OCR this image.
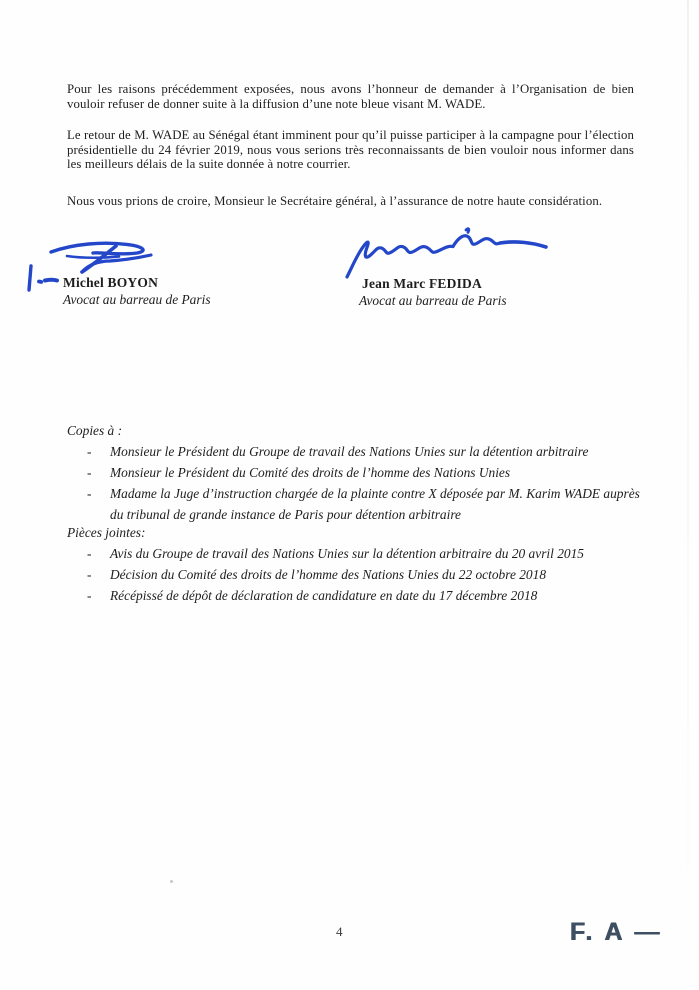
Pour les raisons précédemment exposées, nous avons l’honneur de demander à l’Organisation de bien vouloir refuser de donner suite à la diffusion d’une note bleue visant M. WADE.

Le retour de M. WADE au Sénégal étant imminent pour qu’il puisse participer à la campagne pour l’élection présidentielle du 24 février 2019, nous vous serions très reconnaissants de bien vouloir nous informer dans les meilleurs délais de la suite donnée à notre courrier.

Nous vous prions de croire, Monsieur le Secrétaire général, à l’assurance de notre haute considération.

Michel BOYON

Avocat au barreau de Paris

Jean Marc FEDIDA

Avocat au barreau de Paris

Copies à :

-	Monsieur le Président du Groupe de travail des Nations Unies sur la détention arbitraire
-	Monsieur le Président du Comité des droits de l’homme des Nations Unies
-	Madame la Juge d’instruction chargée de la plainte contre X déposée par M. Karim WADE auprès du tribunal de grande instance de Paris pour détention arbitraire

Pièces jointes:

-	Avis du Groupe de travail des Nations Unies sur la détention arbitraire du 20 avril 2015
-	Décision du Comité des droits de l’homme des Nations Unies du 22 octobre 2018
-	Récépissé de dépôt de déclaration de candidature en date du 17 décembre 2018
4	F. A —
